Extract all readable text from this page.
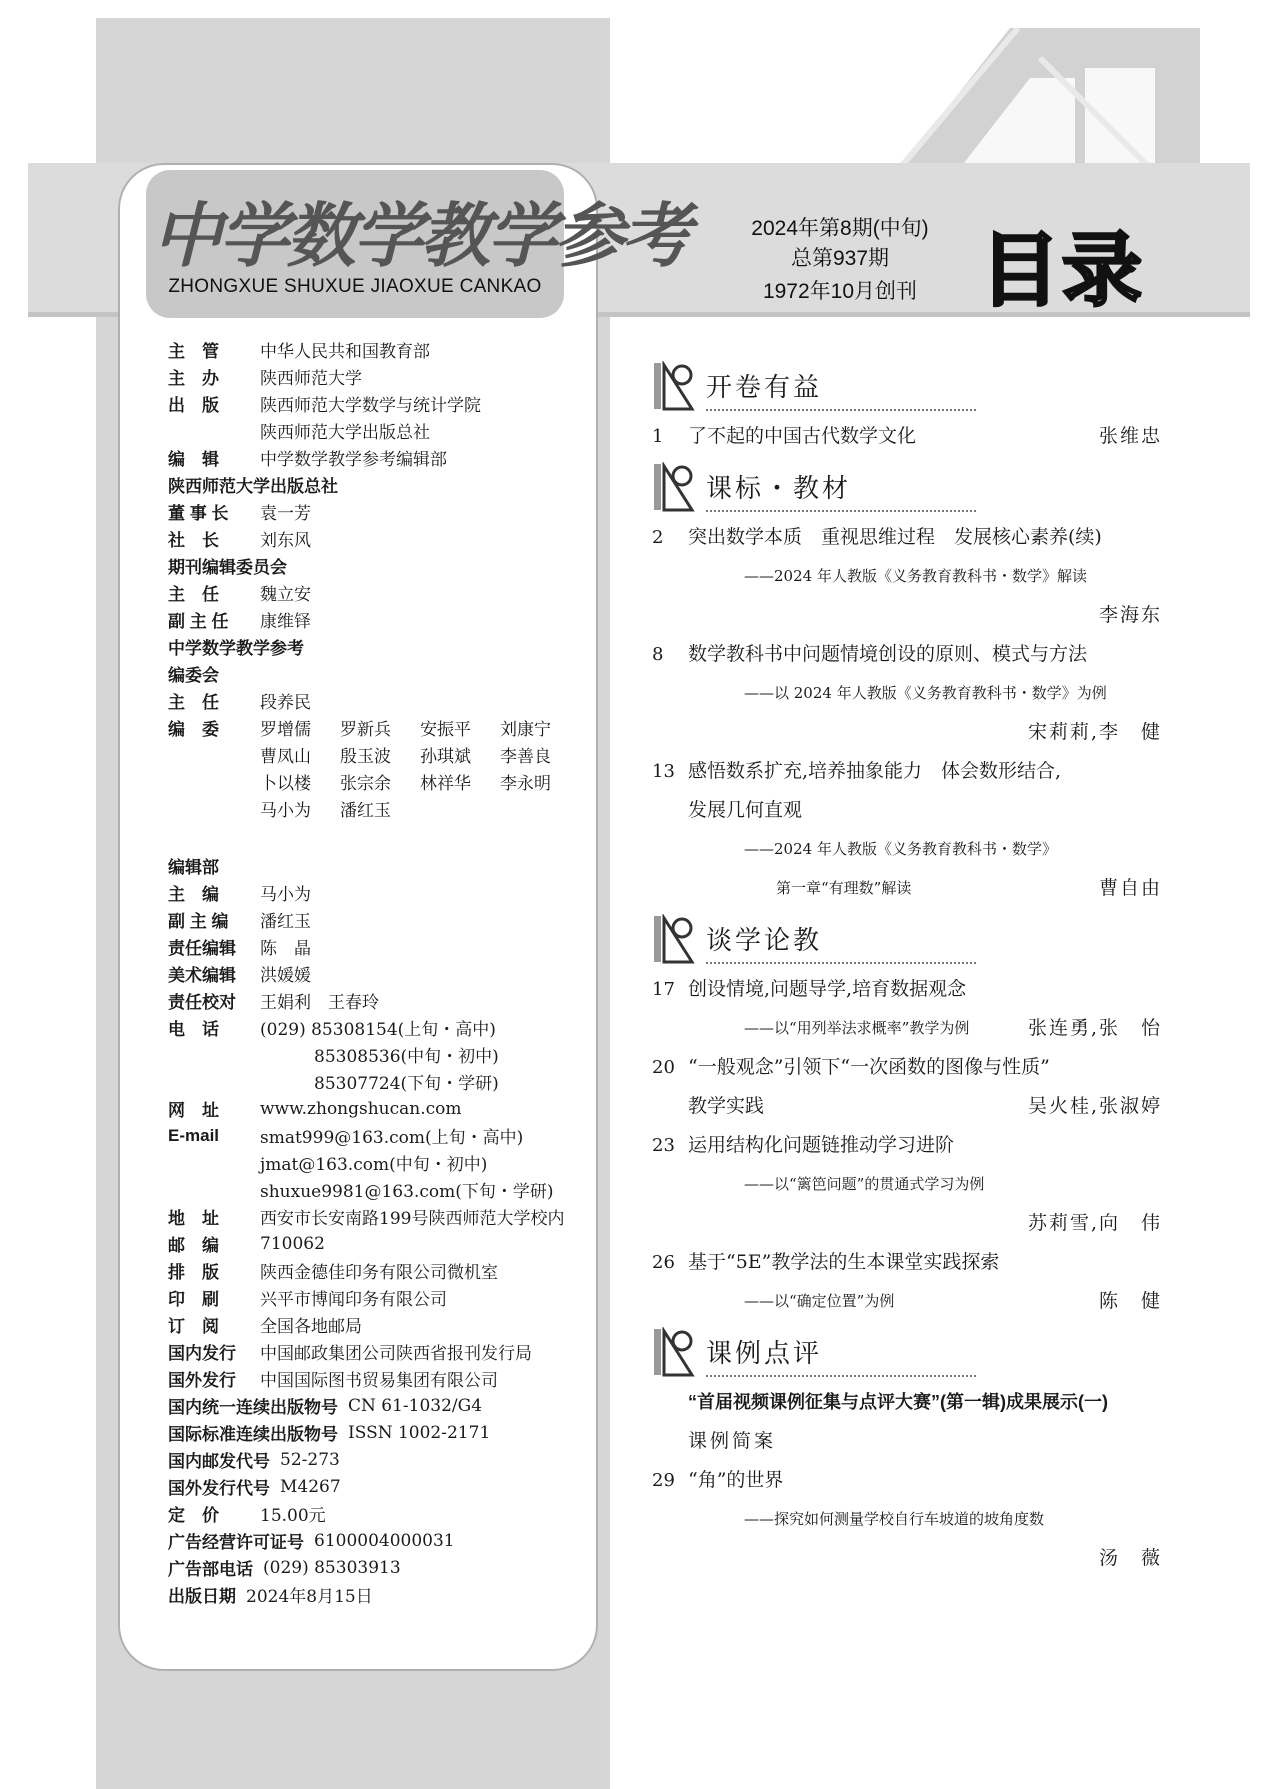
中学数学教学参考
ZHONGXUE SHUXUE JIAOXUE CANKAO
2024年第8期(中旬)
总第937期
1972年10月创刊 目录
主　管	中华人民共和国教育部
主　办	陕西师范大学
出　版	陕西师范大学数学与统计学院
陕西师范大学出版总社
编　辑	中学数学教学参考编辑部
陕西师范大学出版总社
董 事 长	袁一芳
社　长	刘东风
期刊编辑委员会
主　任	魏立安
副 主 任	康维铎
中学数学教学参考
编委会
主　任	段养民
编　委	罗增儒	罗新兵	安振平	刘康宁
曹凤山	殷玉波	孙琪斌	李善良
卜以楼	张宗余	林祥华	李永明
马小为	潘红玉
编辑部
主　编	马小为
副 主 编	潘红玉
责任编辑	陈　晶
美术编辑	洪媛媛
责任校对	王娟利　王春玲
电　话	(029) 85308154(上旬・高中)
85308536(中旬・初中)
85307724(下旬・学研)
网　址	www.zhongshucan.com
E-mail	smat999@163.com(上旬・高中)
jmat@163.com(中旬・初中)
shuxue9981@163.com(下旬・学研)
地　址	西安市长安南路199号陕西师范大学校内
邮　编	710062
排　版	陕西金德佳印务有限公司微机室
印　刷	兴平市博闻印务有限公司
订　阅	全国各地邮局
国内发行	中国邮政集团公司陕西省报刊发行局
国外发行	中国国际图书贸易集团有限公司
国内统一连续出版物号 CN 61-1032/G4
国际标准连续出版物号 ISSN 1002-2171
国内邮发代号 52-273
国外发行代号 M4267
定　价	15.00元
广告经营许可证号 6100004000031
广告部电话 (029) 85303913
出版日期 2024年8月15日
开卷有益
1	了不起的中国古代数学文化	张维忠
课标・教材
2	突出数学本质　重视思维过程　发展核心素养(续)
——2024 年人教版《义务教育教科书・数学》解读
李海东
8	数学教科书中问题情境创设的原则、模式与方法
——以 2024 年人教版《义务教育教科书・数学》为例
宋莉莉,李　健
13 感悟数系扩充,培养抽象能力　体会数形结合,
发展几何直观
——2024 年人教版《义务教育教科书・数学》
第一章“有理数”解读	曹自由
谈学论教
17 创设情境,问题导学,培育数据观念
——以“用列举法求概率”教学为例	张连勇,张　怡
20 “一般观念”引领下“一次函数的图像与性质”
教学实践	吴火桂,张淑婷
23 运用结构化问题链推动学习进阶
——以“篱笆问题”的贯通式学习为例
苏莉雪,向　伟
26 基于“5E”教学法的生本课堂实践探索
——以“确定位置”为例	陈　健
课例点评
“首届视频课例征集与点评大赛”(第一辑)成果展示(一)
课例简案
29 “角”的世界
——探究如何测量学校自行车坡道的坡角度数
汤　薇
